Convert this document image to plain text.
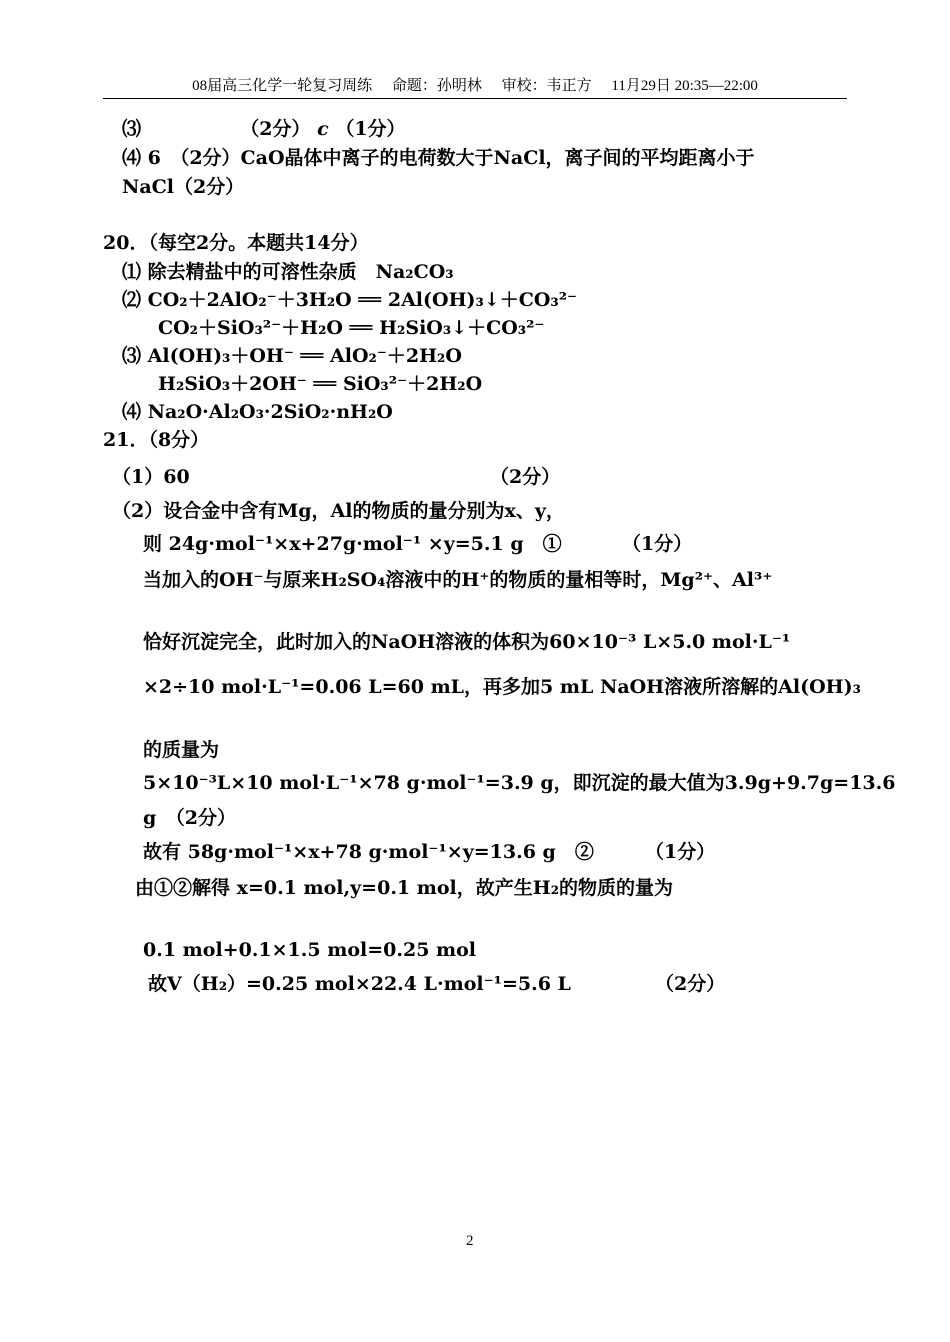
08届高三化学一轮复习周练 命题：孙明林 审校：韦正方 11月29日 20:35—22:00
⑶	（2分） c （1分）
⑷ 6　（2分）CaO晶体中离子的电荷数大于NaCl，离子间的平均距离小于
NaCl（2分）
20．（每空2分。本题共14分）
⑴ 除去精盐中的可溶性杂质　Na₂CO₃
⑵ CO₂＋2AlO₂⁻＋3H₂O ══ 2Al(OH)₃↓＋CO₃²⁻
CO₂＋SiO₃²⁻＋H₂O ══ H₂SiO₃↓＋CO₃²⁻
⑶ Al(OH)₃＋OH⁻ ══ AlO₂⁻＋2H₂O
H₂SiO₃＋2OH⁻ ══ SiO₃²⁻＋2H₂O
⑷ Na₂O·Al₂O₃·2SiO₂·nH₂O
21．（8分）
（1）60	（2分）
（2）设合金中含有Mg，Al的物质的量分别为x、y，
则 24g·mol⁻¹×x+27g·mol⁻¹ ×y=5.1 g　①	（1分）
当加入的OH⁻与原来H₂SO₄溶液中的H⁺的物质的量相等时，Mg²⁺、Al³⁺
恰好沉淀完全，此时加入的NaOH溶液的体积为60×10⁻³ L×5.0 mol·L⁻¹
×2÷10 mol·L⁻¹=0.06 L=60 mL，再多加5 mL NaOH溶液所溶解的Al(OH)₃
的质量为
5×10⁻³L×10 mol·L⁻¹×78 g·mol⁻¹=3.9 g，即沉淀的最大值为3.9g+9.7g=13.6
g　（2分）
故有 58g·mol⁻¹×x+78 g·mol⁻¹×y=13.6 g　②	（1分）
由①②解得 x=0.1 mol,y=0.1 mol，故产生H₂的物质的量为
0.1 mol+0.1×1.5 mol=0.25 mol
故V（H₂）=0.25 mol×22.4 L·mol⁻¹=5.6 L	（2分）
2
